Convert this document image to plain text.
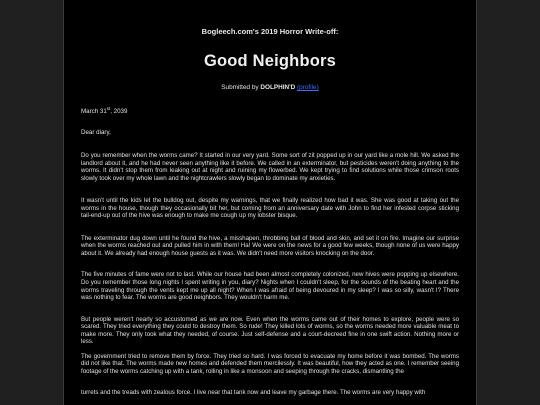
Bogleech.com's 2019 Horror Write-off:
Good Neighbors
Submitted by DOLPHIN'D (profile)
March 31st, 2039
Dear diary,

Do you remember when the worms came? It started in our very yard. Some sort of zit popped up in our yard like a mole hill. We asked the landlord about it, and he had never seen anything like it before. We called in an exterminator, but pesticides weren't doing anything to the worms. It didn't stop them from leaking out at night and ruining my flowerbed. We kept trying to find solutions while those crimson roots slowly took over my whole lawn and the nightcrawlers slowly began to dominate my anxieties.

It wasn't until the kids let the bulldog out, despite my warnings, that we finally realized how bad it was. She was good at taking out the worms in the house, though they occasionally bit her, but coming from an anniversary date with John to find her infested corpse sticking tail-end-up out of the hive was enough to make me cough up my lobster bisque.

The exterminator dug down until he found the hive, a misshapen, throbbing ball of blood and skin, and set it on fire. Imagine our surprise when the worms reached out and pulled him in with them! Ha! We were on the news for a good few weeks, though none of us were happy about it. We already had enough house guests as it was. We didn't need more visitors knocking on the door.

The five minutes of fame were not to last. While our house had been almost completely colonized, new hives were popping up elsewhere. Do you remember those long nights I spent writing in you, diary? Nights when I couldn't sleep, for the sounds of the beating heart and the worms traveling through the vents kept me up all night? When I was afraid of being devoured in my sleep? I was so silly, wasn't I? There was nothing to fear. The worms are good neighbors. They wouldn't harm me.

But people weren't nearly so accustomed as we are now. Even when the worms came out of their homes to explore, people were so scared. They tried everything they could to destroy them. So rude! They killed lots of worms, so the worms needed more valuable meat to make more. They only took what they needed, of course. Just self-defense and a court-decreed fine in one swift action. Nothing more or less.

The government tried to remove them by force. They tried so hard. I was forced to evacuate my home before it was bombed. The worms did not like that. The worms made new homes and defended them mercilessly. It was beautiful, how they acted as one. I remember seeing footage of the worms catching up with a tank, rolling in like a monsoon and seeping through the cracks, dismantling the

turrets and the treads with zealous force. I live near that tank now and leave my garbage there. The worms are very happy with
